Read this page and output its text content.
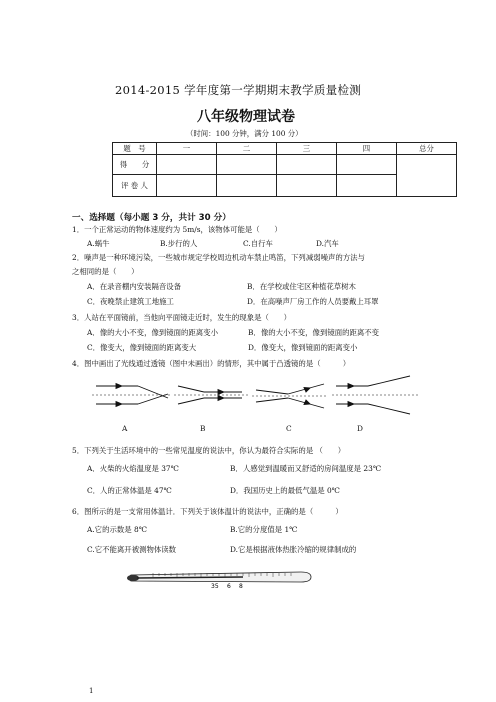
2014-2015 学年度第一学期期末教学质量检测
八年级物理试卷
（时间：100 分钟，满分 100 分）
题　号	一	二	三	四	总分
得　　分					
评 卷 人					
一、选择题（每小题 3 分，共计 30 分）
1．一个正常运动的物体速度约为 5m/s，该物体可能是（　　）
A.蜗牛	B.步行的人	C.自行车	D.汽车
2．噪声是一种环境污染，一些城市规定学校周边机动车禁止鸣笛，下列减弱噪声的方法与
之相同的是（　　）
A．在录音棚内安装隔音设备	B．在学校或住宅区种植花草树木
C．夜晚禁止建筑工地施工	D．在高噪声厂房工作的人员要戴上耳罩
3．人站在平面镜前，当他向平面镜走近时，发生的现象是（　　）
A．像的大小不变，像到镜面的距离变小	B．像的大小不变，像到镜面的距离不变
C．像变大，像到镜面的距离变大	D．像变大，像到镜面的距离变小
4．图中画出了光线通过透镜（图中未画出）的情形，其中属于凸透镜的是（　　　）
A	B	C	D
5．下列关于生活环境中的一些常见温度的说法中，你认为最符合实际的是 （　　）
A．火柴的火焰温度是 37℃	B．人感觉到温暖而又舒适的房间温度是 23℃
C．人的正常体温是 47℃	D．我国历史上的最低气温是 0℃
6．图所示的是一支常用体温计．下列关于该体温计的说法中，正确的是（　　　）
A.它的示数是 8℃	B.它的分度值是 1℃
C.它不能离开被测物体读数	D.它是根据液体热胀冷缩的规律制成的
35 6 8
1
